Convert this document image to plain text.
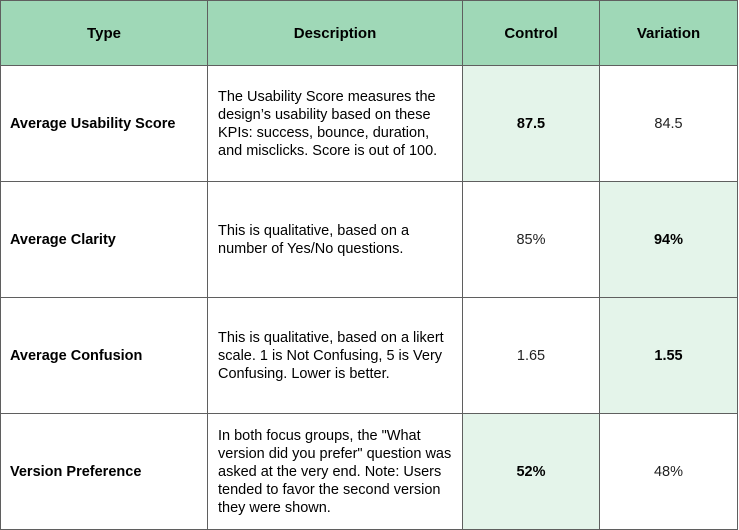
Type	Description	Control	Variation
Average Usability Score	The Usability Score measures the design’s usability based on these KPIs: success, bounce, duration, and misclicks. Score is out of 100.	87.5	84.5
Average Clarity	This is qualitative, based on a number of Yes/No questions.	85%	94%
Average Confusion	This is qualitative, based on a likert scale. 1 is Not Confusing, 5 is Very Confusing. Lower is better.	1.65	1.55
Version Preference	In both focus groups, the "What version did you prefer" question was asked at the very end. Note: Users tended to favor the second version they were shown.	52%	48%
